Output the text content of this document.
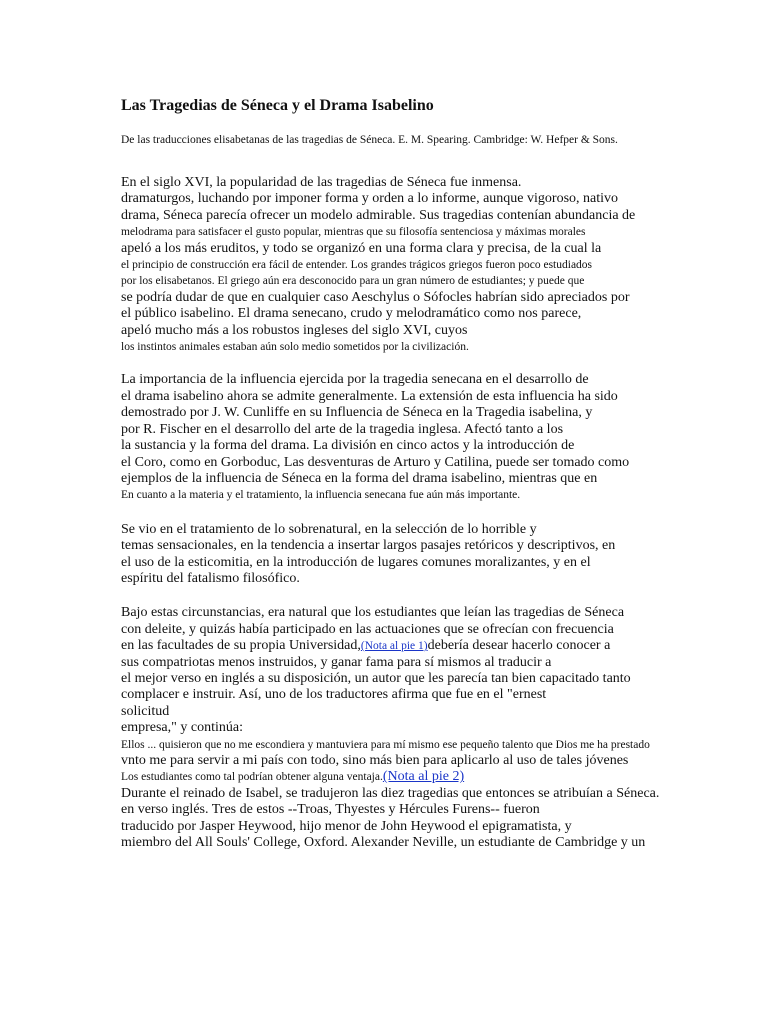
Las Tragedias de Séneca y el Drama Isabelino
De las traducciones elisabetanas de las tragedias de Séneca. E. M. Spearing. Cambridge: W. Hefper & Sons.
En el siglo XVI, la popularidad de las tragedias de Séneca fue inmensa.
dramaturgos, luchando por imponer forma y orden a lo informe, aunque vigoroso, nativo
drama, Séneca parecía ofrecer un modelo admirable. Sus tragedias contenían abundancia de
melodrama para satisfacer el gusto popular, mientras que su filosofía sentenciosa y máximas morales
apeló a los más eruditos, y todo se organizó en una forma clara y precisa, de la cual la
el principio de construcción era fácil de entender. Los grandes trágicos griegos fueron poco estudiados
por los elisabetanos. El griego aún era desconocido para un gran número de estudiantes; y puede que
se podría dudar de que en cualquier caso Aeschylus o Sófocles habrían sido apreciados por
el público isabelino. El drama senecano, crudo y melodramático como nos parece,
apeló mucho más a los robustos ingleses del siglo XVI, cuyos
los instintos animales estaban aún solo medio sometidos por la civilización.
La importancia de la influencia ejercida por la tragedia senecana en el desarrollo de
el drama isabelino ahora se admite generalmente. La extensión de esta influencia ha sido
demostrado por J. W. Cunliffe en su Influencia de Séneca en la Tragedia isabelina, y
por R. Fischer en el desarrollo del arte de la tragedia inglesa. Afectó tanto a los
la sustancia y la forma del drama. La división en cinco actos y la introducción de
el Coro, como en Gorboduc, Las desventuras de Arturo y Catilina, puede ser tomado como
ejemplos de la influencia de Séneca en la forma del drama isabelino, mientras que en
En cuanto a la materia y el tratamiento, la influencia senecana fue aún más importante.
Se vio en el tratamiento de lo sobrenatural, en la selección de lo horrible y
temas sensacionales, en la tendencia a insertar largos pasajes retóricos y descriptivos, en
el uso de la esticomitia, en la introducción de lugares comunes moralizantes, y en el
espíritu del fatalismo filosófico.
Bajo estas circunstancias, era natural que los estudiantes que leían las tragedias de Séneca
con deleite, y quizás había participado en las actuaciones que se ofrecían con frecuencia
en las facultades de su propia Universidad,(Nota al pie 1)debería desear hacerlo conocer a
sus compatriotas menos instruidos, y ganar fama para sí mismos al traducir a
el mejor verso en inglés a su disposición, un autor que les parecía tan bien capacitado tanto
complacer e instruir. Así, uno de los traductores afirma que fue en el "ernest
solicitud
empresa," y continúa:
Ellos ... quisieron que no me escondiera y mantuviera para mí mismo ese pequeño talento que Dios me ha prestado
vnto me para servir a mi país con todo, sino más bien para aplicarlo al uso de tales jóvenes
Los estudiantes como tal podrían obtener alguna ventaja.(Nota al pie 2)
Durante el reinado de Isabel, se tradujeron las diez tragedias que entonces se atribuían a Séneca.
en verso inglés. Tres de estos --Troas, Thyestes y Hércules Furens-- fueron
traducido por Jasper Heywood, hijo menor de John Heywood el epigramatista, y
miembro del All Souls' College, Oxford. Alexander Neville, un estudiante de Cambridge y un
